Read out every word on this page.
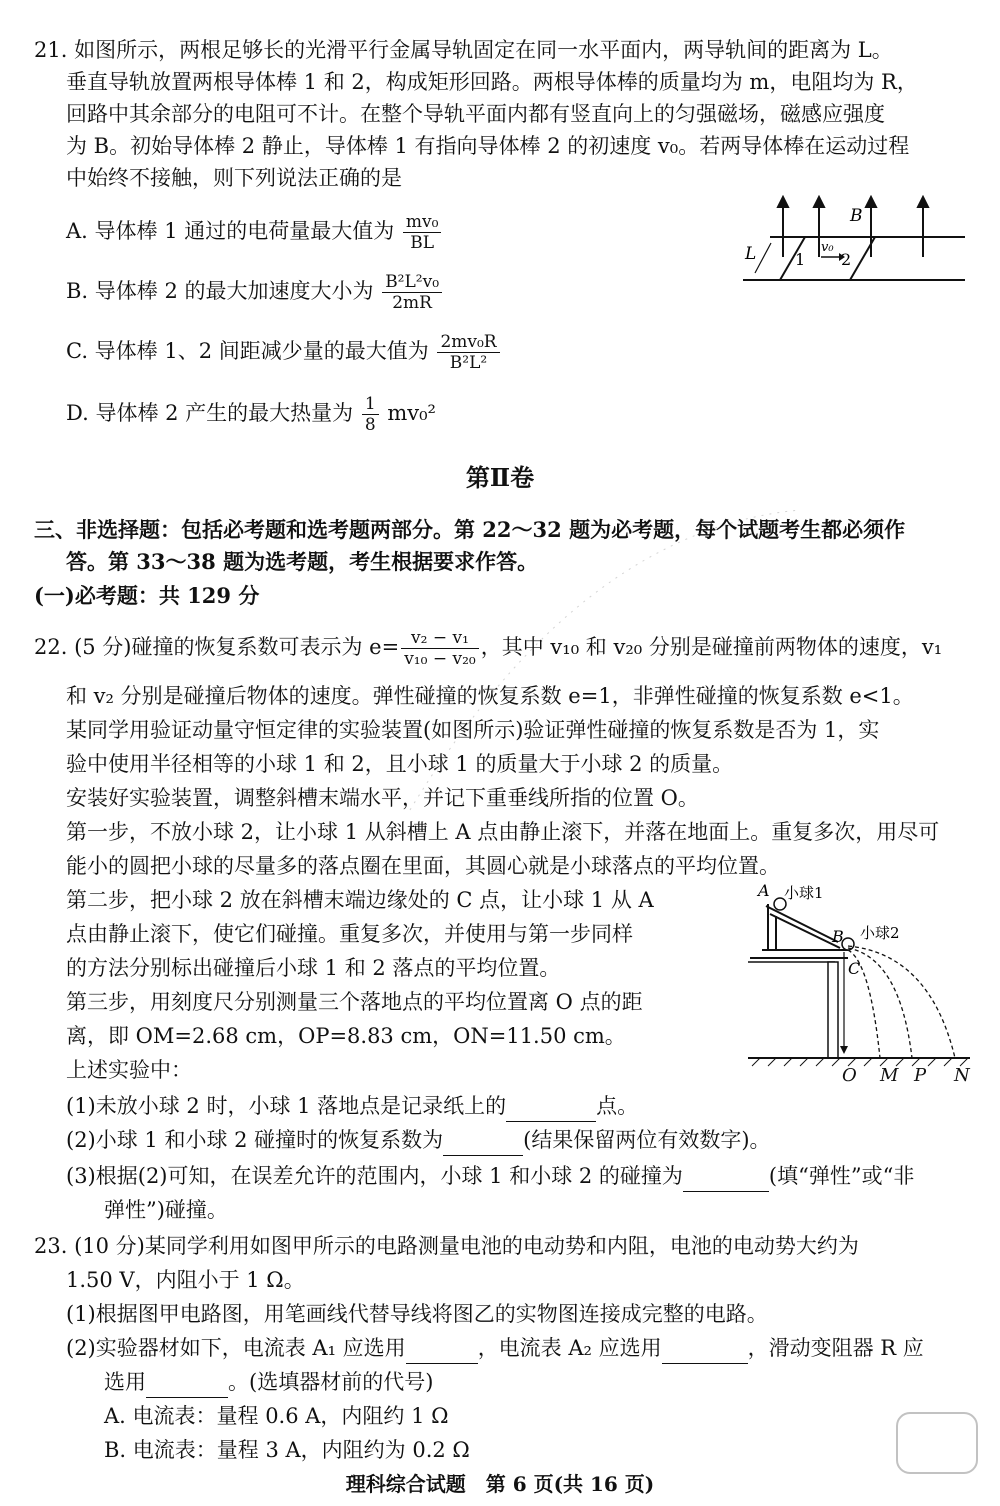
21. 如图所示，两根足够长的光滑平行金属导轨固定在同一水平面内，两导轨间的距离为 L。
垂直导轨放置两根导体棒 1 和 2，构成矩形回路。两根导体棒的质量均为 m，电阻均为 R，
回路中其余部分的电阻可不计。在整个导轨平面内都有竖直向上的匀强磁场，磁感应强度
为 B。初始导体棒 2 静止，导体棒 1 有指向导体棒 2 的初速度 v₀。若两导体棒在运动过程
中始终不接触，则下列说法正确的是
A. 导体棒 1 通过的电荷量最大值为 $\frac{\text{mv₀}}{BL}$
B. 导体棒 2 的最大加速度大小为 $\frac{\text{B²L²v₀}}{2mR}$
C. 导体棒 1、2 间距减少量的最大值为 $\frac{\text{2mv₀R}}{\text{B²L²}}$
D. 导体棒 2 产生的最大热量为 $\frac{1}{8} mv_0^2$
B
L 1 2
v₀
第Ⅱ卷
三、非选择题：包括必考题和选考题两部分。第 22～32 题为必考题，每个试题考生都必须作
答。第 33～38 题为选考题，考生根据要求作答。
(一)必考题：共 129 分
22. (5 分)碰撞的恢复系数可表示为 $e= \frac{\text{v₂ − v₁}}{\text{v₁₀ − v₂₀}}$ ，其中 v₁₀ 和 v₂₀ 分别是碰撞前两物体的速度，v₁
和 v₂ 分别是碰撞后物体的速度。弹性碰撞的恢复系数 e=1，非弹性碰撞的恢复系数 e<1。
某同学用验证动量守恒定律的实验装置(如图所示)验证弹性碰撞的恢复系数是否为 1，实
验中使用半径相等的小球 1 和 2，且小球 1 的质量大于小球 2 的质量。
安装好实验装置，调整斜槽末端水平，并记下重垂线所指的位置 O。
第一步，不放小球 2，让小球 1 从斜槽上 A 点由静止滚下，并落在地面上。重复多次，用尽可
能小的圆把小球的尽量多的落点圈在里面，其圆心就是小球落点的平均位置。
第二步，把小球 2 放在斜槽末端边缘处的 C 点，让小球 1 从 A
点由静止滚下，使它们碰撞。重复多次，并使用与第一步同样
的方法分别标出碰撞后小球 1 和 2 落点的平均位置。
第三步，用刻度尺分别测量三个落地点的平均位置离 O 点的距
离，即 OM=2.68 cm，OP=8.83 cm，ON=11.50 cm。
上述实验中：
(1)未放小球 2 时，小球 1 落地点是记录纸上的	点。
(2)小球 1 和小球 2 碰撞时的恢复系数为	(结果保留两位有效数字)。
(3)根据(2)可知，在误差允许的范围内，小球 1 和小球 2 的碰撞为	(填“弹性”或“非
弹性”)碰撞。
A 小球1
B 小球2
C
O M P N
23. (10 分)某同学利用如图甲所示的电路测量电池的电动势和内阻，电池的电动势大约为
1.50 V，内阻小于 1 Ω。
(1)根据图甲电路图，用笔画线代替导线将图乙的实物图连接成完整的电路。
(2)实验器材如下，电流表 A₁ 应选用	，电流表 A₂ 应选用	，滑动变阻器 R 应
选用	。(选填器材前的代号)
A. 电流表：量程 0.6 A，内阻约 1 Ω
B. 电流表：量程 3 A，内阻约为 0.2 Ω
理科综合试题　第 6 页(共 16 页)
